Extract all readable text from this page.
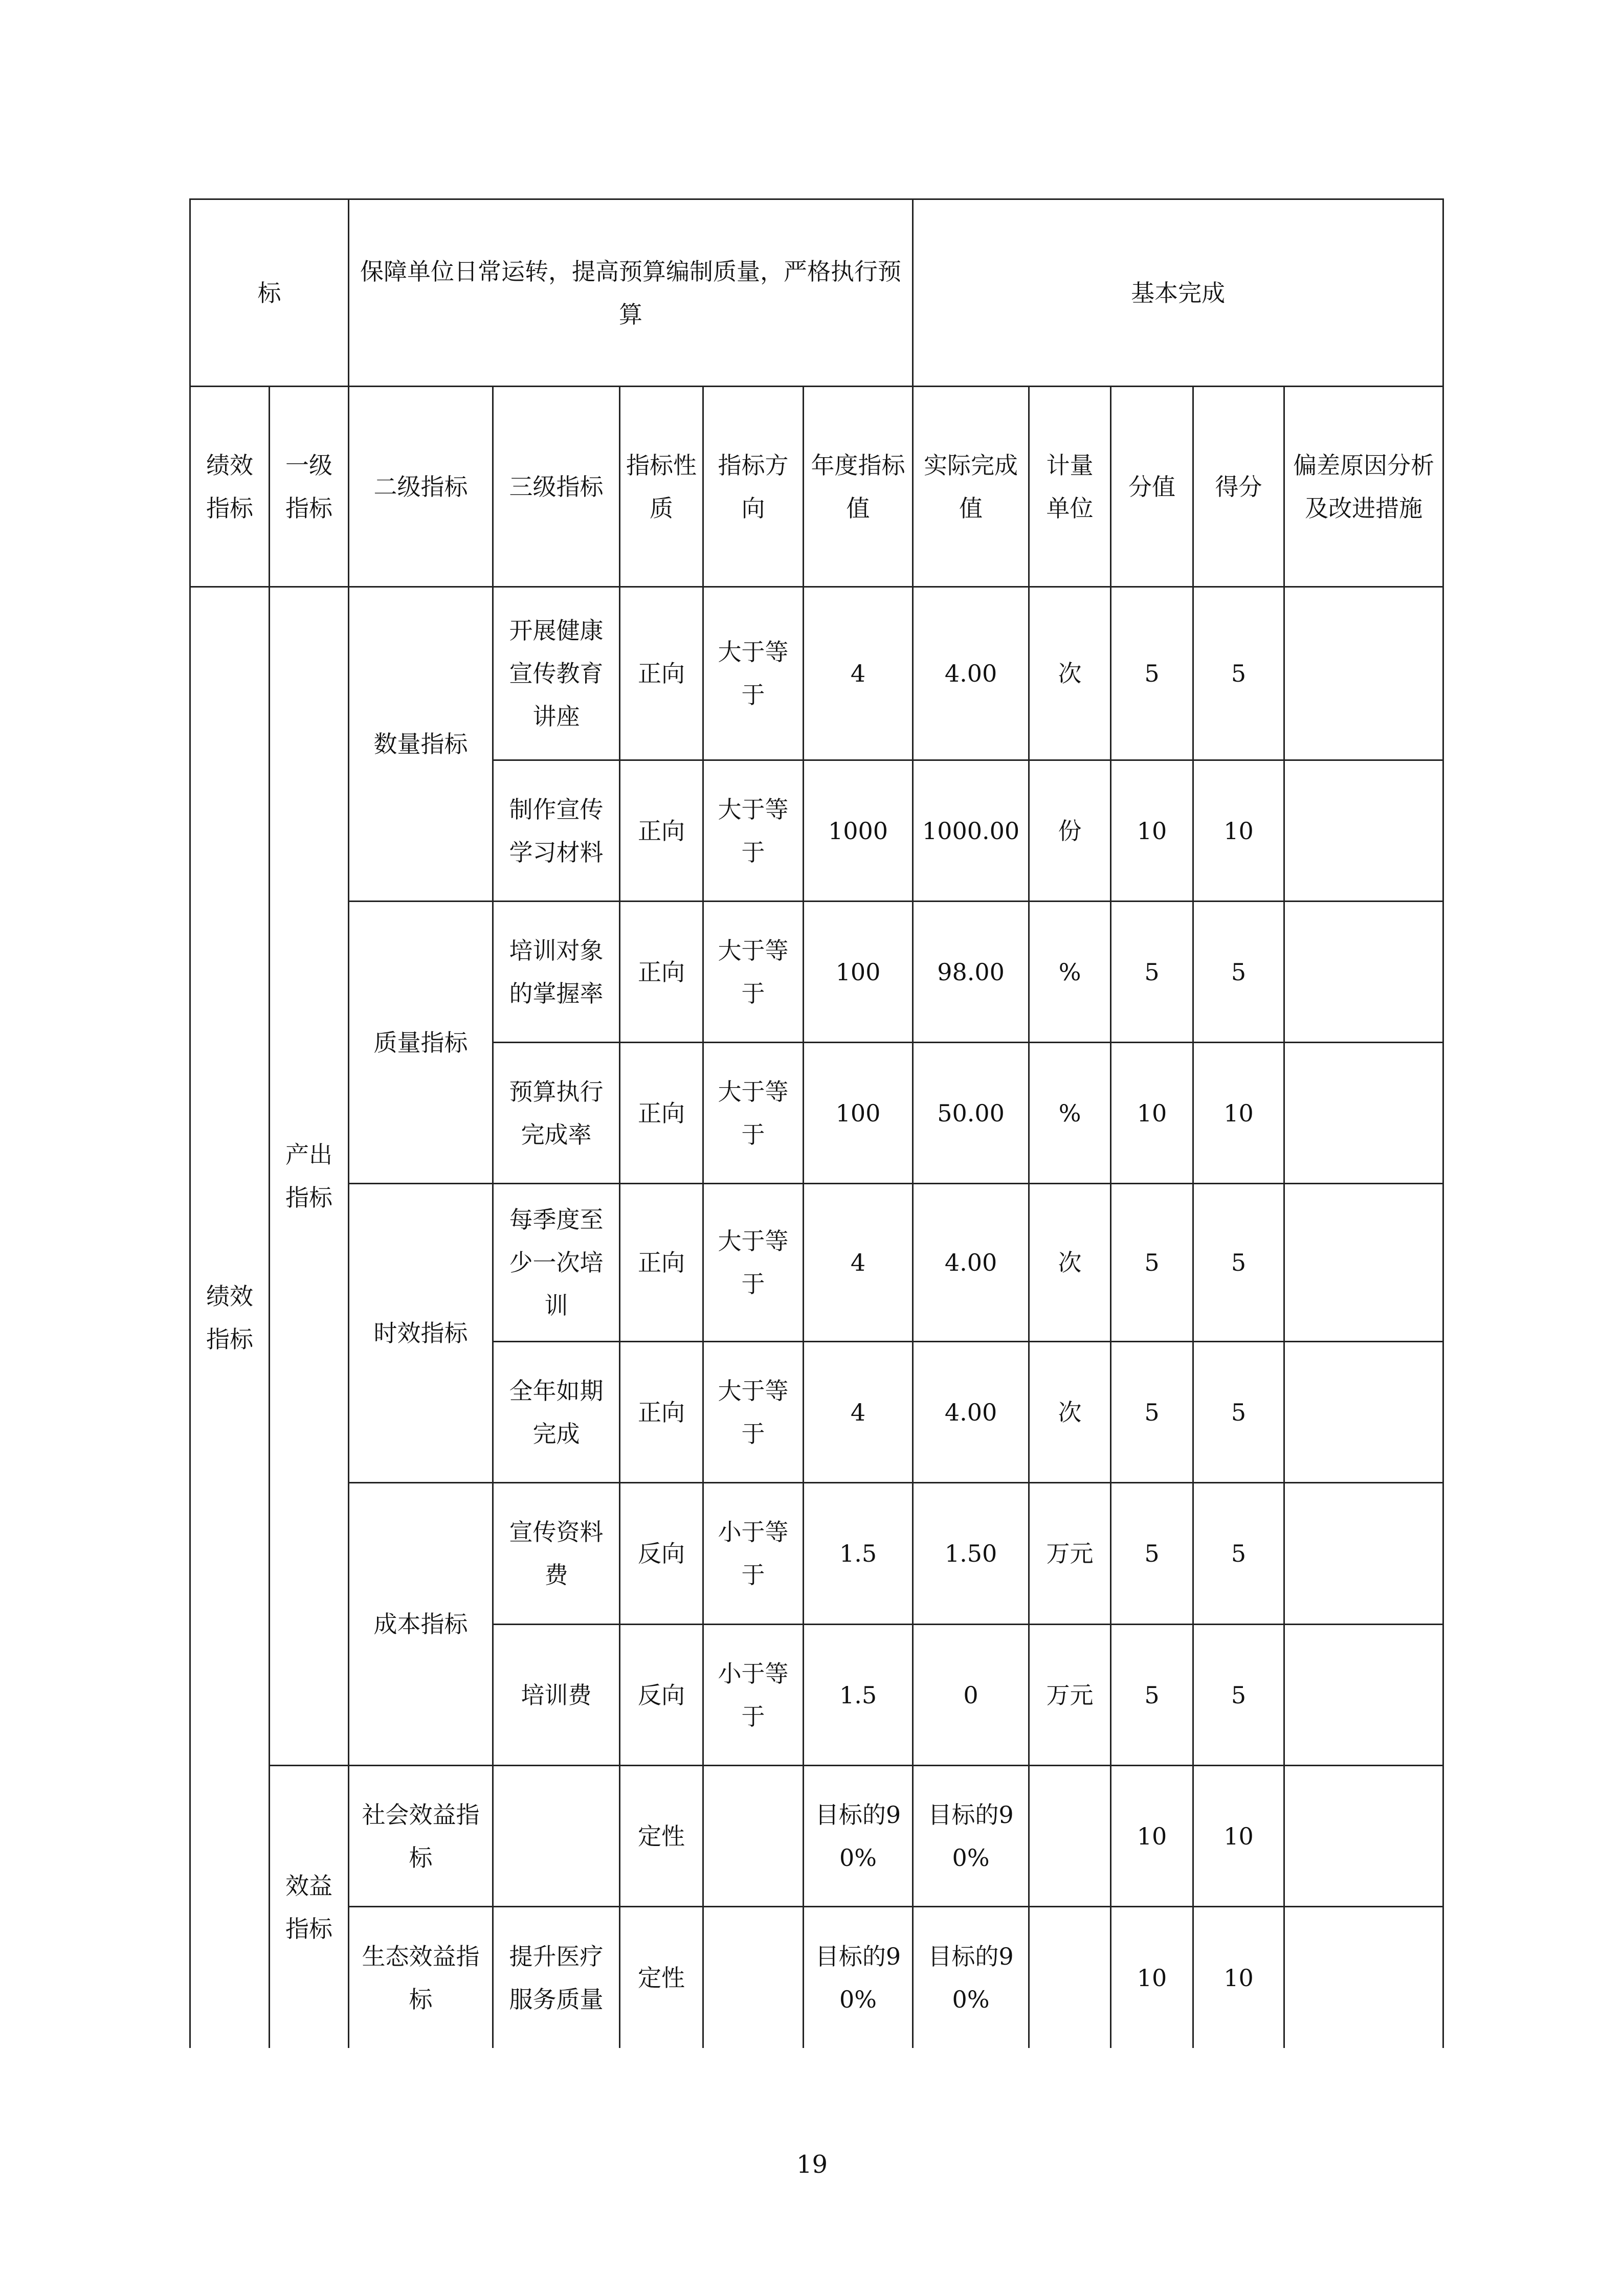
标		保障单位日常运转，提高预算编制质量，严格执行预算					基本完成				
绩效指标	一级指标	二级指标	三级指标	指标性质	指标方向	年度指标值	实际完成值	计量单位	分值	得分	偏差原因分析及改进措施
绩效指标	产出指标	数量指标	开展健康宣传教育讲座	正向	大于等于	4	4.00	次	5	5	
			制作宣传学习材料	正向	大于等于	1000	1000.00	份	10	10	
		质量指标	培训对象的掌握率	正向	大于等于	100	98.00	%	5	5	
			预算执行完成率	正向	大于等于	100	50.00	%	10	10	
		时效指标	每季度至少一次培训	正向	大于等于	4	4.00	次	5	5	
			全年如期完成	正向	大于等于	4	4.00	次	5	5	
		成本指标	宣传资料费	反向	小于等于	1.5	1.50	万元	5	5	
			培训费	反向	小于等于	1.5	0	万元	5	5	
	效益指标	社会效益指标		定性		目标的90%	目标的90%		10	10	
		生态效益指标	提升医疗服务质量	定性		目标的90%	目标的90%		10	10	
19
